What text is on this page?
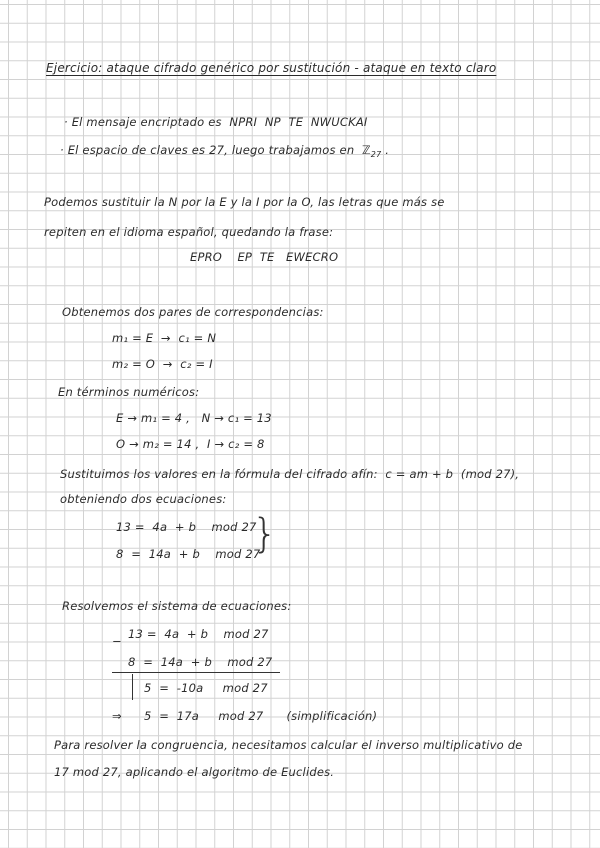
Ejercicio: ataque cifrado genérico por sustitución - ataque en texto claro
· El mensaje encriptado es  NPRI  NP  TE  NWUCKAI
· El espacio de claves es 27, luego trabajamos en  ℤ$_{27}$ .
Podemos sustituir la N por la E y la I por la O, las letras que más se
repiten en el idioma español, quedando la frase:
EPRO    EP  TE   EWECRO
Obtenemos dos pares de correspondencias:
m₁ = E  →  c₁ = N
m₂ = O  →  c₂ = I
En términos numéricos:
E → m₁ = 4 ,   N → c₁ = 13
O → m₂ = 14 ,  I → c₂ = 8
Sustituimos los valores en la fórmula del cifrado afín:  c = am + b  (mod 27),
obteniendo dos ecuaciones:
13 =  4a  + b    mod 27
8  =  14a  + b    mod 27
}
Resolvemos el sistema de ecuaciones:
− 13 =  4a  + b    mod 27
8  =  14a  + b    mod 27
5  =  -10a     mod 27
⇒ 5  =  17a     mod 27      (simplificación)
Para resolver la congruencia, necesitamos calcular el inverso multiplicativo de
17 mod 27, aplicando el algoritmo de Euclides.
